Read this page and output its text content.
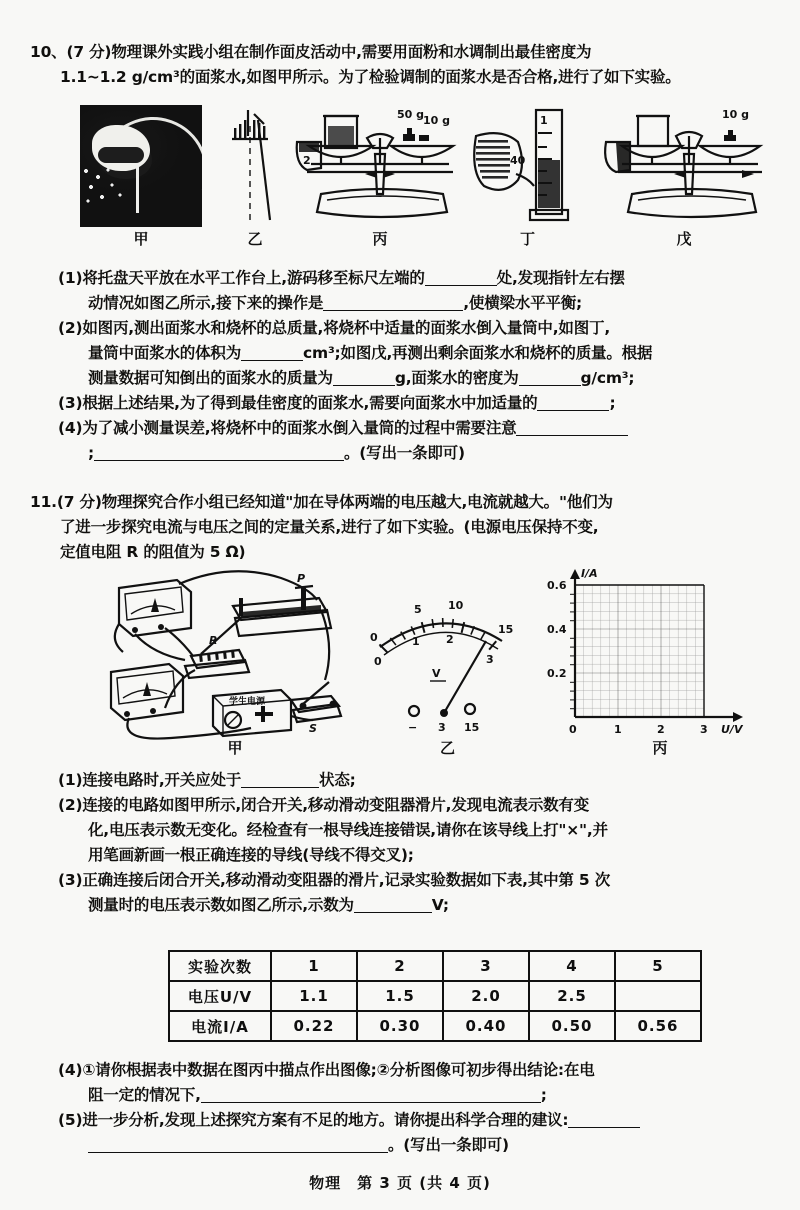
10、(7 分)物理课外实践小组在制作面皮活动中,需要用面粉和水调制出最佳密度为
1.1~1.2 g/cm³的面浆水,如图甲所示。为了检验调制的面浆水是否合格,进行了如下实验。
甲	乙
2
50 g
10 g
丙
40
1
丁
10 g
戊
(1)将托盘天平放在水平工作台上,游码移至标尺左端的	处,发现指针左右摆
动情况如图乙所示,接下来的操作是	,使横梁水平平衡;
(2)如图丙,测出面浆水和烧杯的总质量,将烧杯中适量的面浆水倒入量筒中,如图丁,
量筒中面浆水的体积为	cm³;如图戊,再测出剩余面浆水和烧杯的质量。根据
测量数据可知倒出的面浆水的质量为	g,面浆水的密度为	g/cm³;
(3)根据上述结果,为了得到最佳密度的面浆水,需要向面浆水中加适量的	;
(4)为了减小测量误差,将烧杯中的面浆水倒入量筒的过程中需要注意
;	。(写出一条即可)
11.(7 分)物理探究合作小组已经知道"加在导体两端的电压越大,电流就越大。"他们为
了进一步探究电流与电压之间的定量关系,进行了如下实验。(电源电压保持不变,
定值电阻 R 的阻值为 5 Ω)
R
P
学生电源
S
甲
0
5 10
15
0
1 2
3
V
− 3 15
乙
I/A
U/V
0.6
0.4
0.2
0	1	2	3
丙
(1)连接电路时,开关应处于	状态;
(2)连接的电路如图甲所示,闭合开关,移动滑动变阻器滑片,发现电流表示数有变
化,电压表示数无变化。经检查有一根导线连接错误,请你在该导线上打"×",并
用笔画新画一根正确连接的导线(导线不得交叉);
(3)正确连接后闭合开关,移动滑动变阻器的滑片,记录实验数据如下表,其中第 5 次
测量时的电压表示数如图乙所示,示数为	V;
实验次数	1	2	3	4	5
电压U/V	1.1	1.5	2.0	2.5	
电流I/A	0.22	0.30	0.40	0.50	0.56
(4)①请你根据表中数据在图丙中描点作出图像;②分析图像可初步得出结论:在电
阻一定的情况下,	;
(5)进一步分析,发现上述探究方案有不足的地方。请你提出科学合理的建议:
。(写出一条即可)
物理　第 3 页 (共 4 页)
